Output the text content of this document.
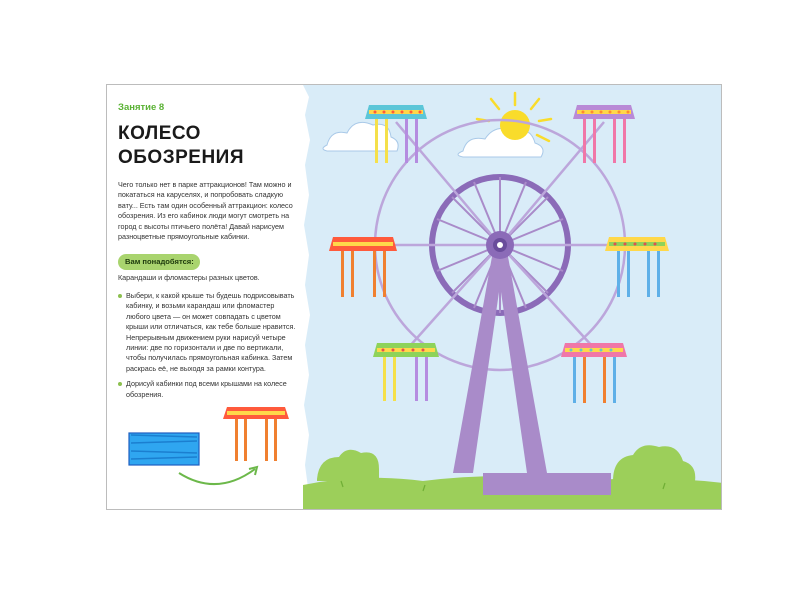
Занятие 8
КОЛЕСО
ОБОЗРЕНИЯ
Чего только нет в парке аттракционов! Там можно и покататься на каруселях, и попробовать сладкую вату... Есть там один особенный аттракцион: колесо обозрения. Из его кабинок люди могут смотреть на город с высоты птичьего полёта! Давай нарисуем разноцветные прямоугольные кабинки.
Вам понадобятся:
Карандаши и фломастеры разных цветов.
Выбери, к какой крыше ты будешь подрисовывать кабинку, и возьми карандаш или фломастер любого цвета — он может совпадать с цветом крыши или отличаться, как тебе больше нравится. Непрерывным движением руки нарисуй четыре линии: две по горизонтали и две по вертикали, чтобы получилась прямоугольная кабинка. Затем раскрась её, не выходя за рамки контура.
Дорисуй кабинки под всеми крышами на колесе обозрения.
